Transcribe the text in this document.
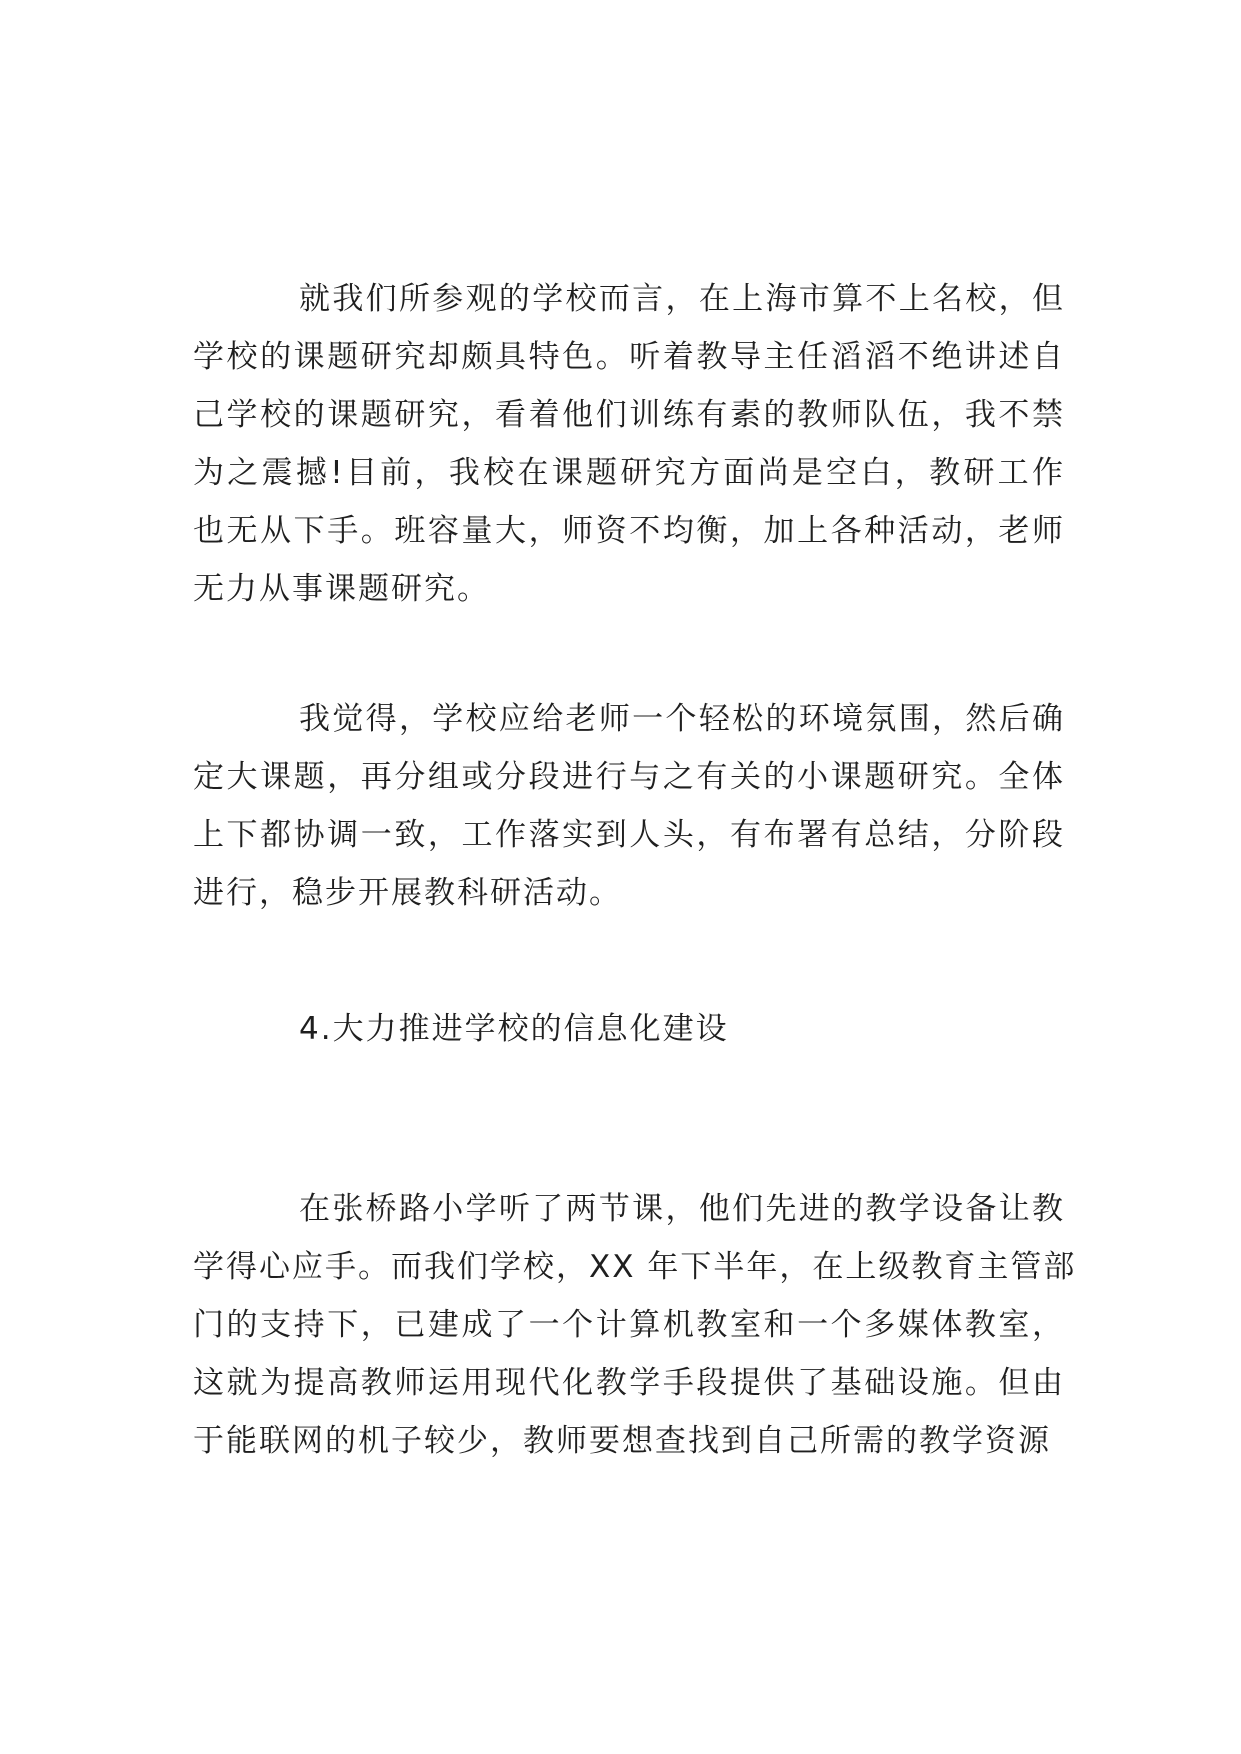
就我们所参观的学校而言，在上海市算不上名校，但
学校的课题研究却颇具特色。听着教导主任滔滔不绝讲述自
己学校的课题研究，看着他们训练有素的教师队伍，我不禁
为之震撼!目前，我校在课题研究方面尚是空白，教研工作
也无从下手。班容量大，师资不均衡，加上各种活动，老师
无力从事课题研究。
我觉得，学校应给老师一个轻松的环境氛围，然后确
定大课题，再分组或分段进行与之有关的小课题研究。全体
上下都协调一致，工作落实到人头，有布署有总结，分阶段
进行，稳步开展教科研活动。
4.大力推进学校的信息化建设
在张桥路小学听了两节课，他们先进的教学设备让教
学得心应手。而我们学校，XX 年下半年，在上级教育主管部
门的支持下，已建成了一个计算机教室和一个多媒体教室，
这就为提高教师运用现代化教学手段提供了基础设施。但由
于能联网的机子较少，教师要想查找到自己所需的教学资源
